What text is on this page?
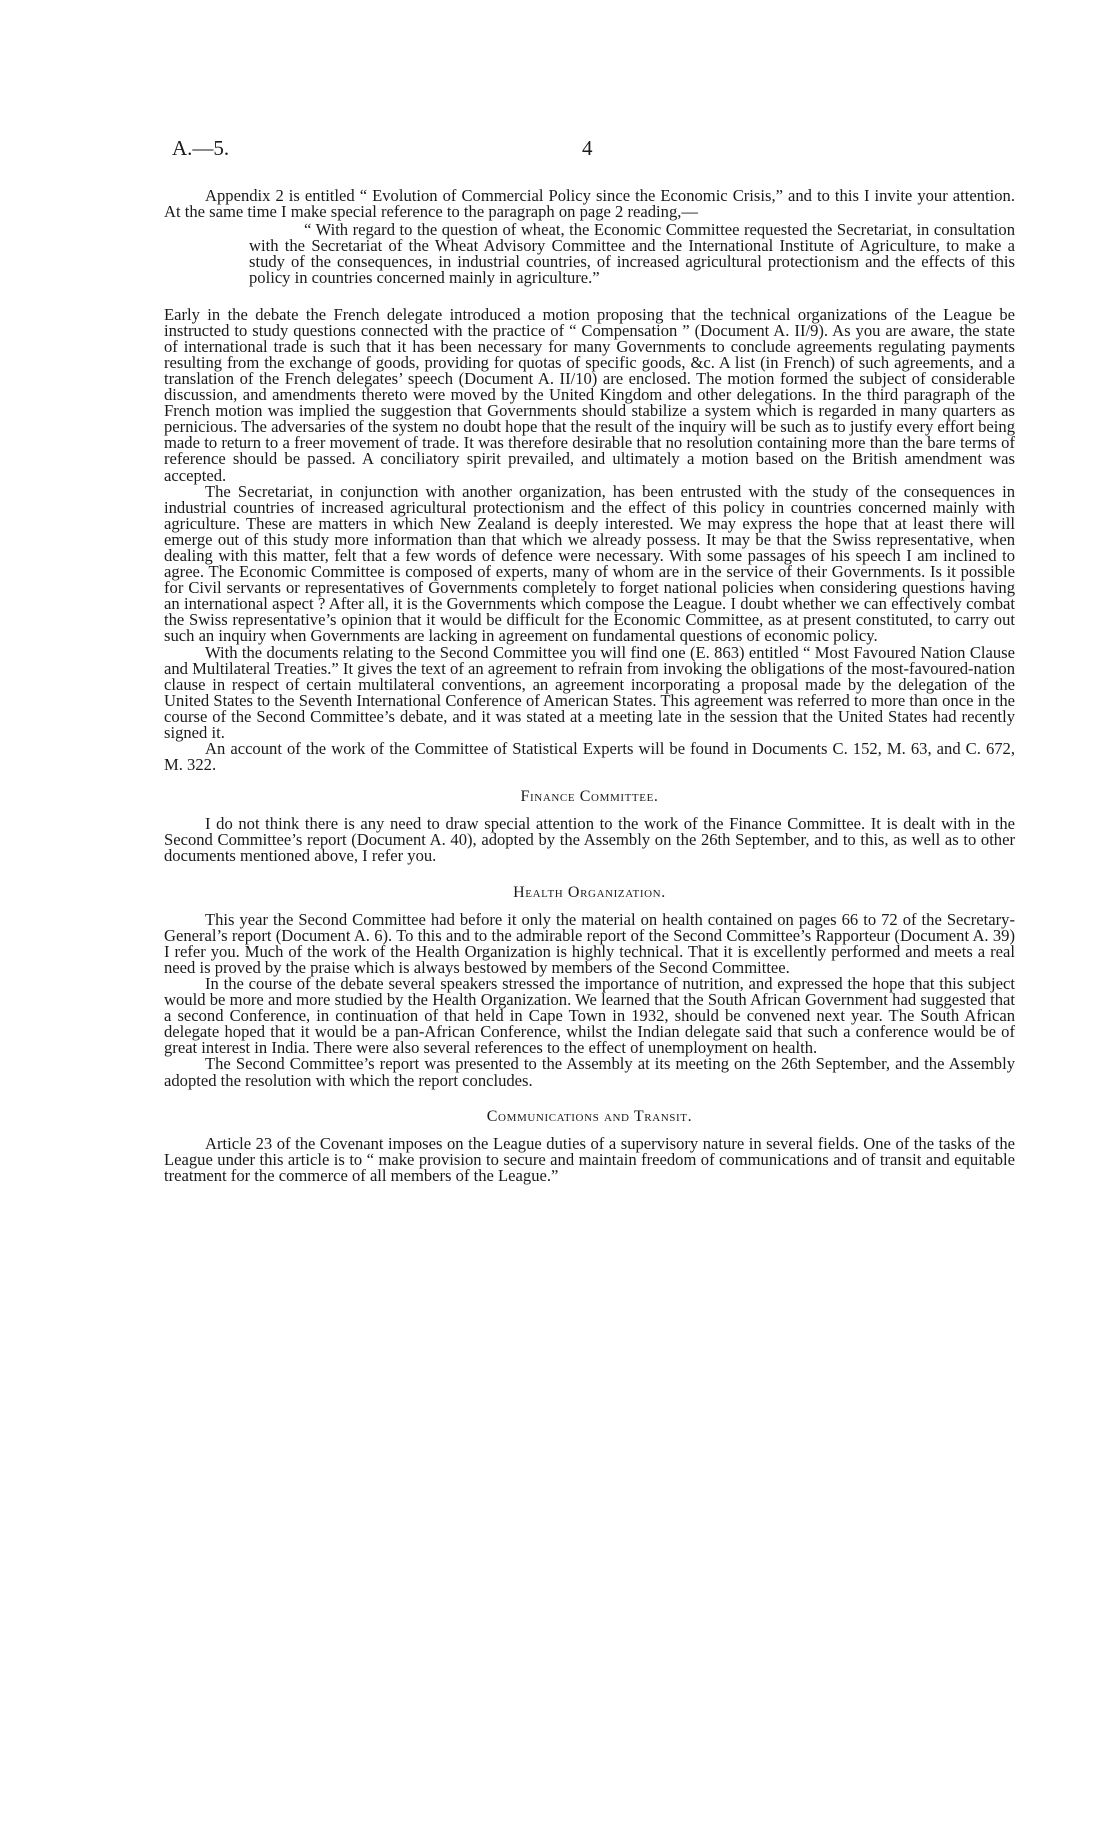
A.—5.	4

Appendix 2 is entitled “ Evolution of Commercial Policy since the Economic Crisis,” and to this I invite your attention. At the same time I make special reference to the paragraph on page 2 reading,—

“ With regard to the question of wheat, the Economic Committee requested the Secretariat, in consultation with the Secretariat of the Wheat Advisory Committee and the International Institute of Agriculture, to make a study of the consequences, in industrial countries, of increased agricultural protectionism and the effects of this policy in countries concerned mainly in agriculture.”

Early in the debate the French delegate introduced a motion proposing that the technical organizations of the League be instructed to study questions connected with the practice of “ Compensation ” (Document A. II/9). As you are aware, the state of international trade is such that it has been necessary for many Governments to conclude agreements regulating payments resulting from the exchange of goods, providing for quotas of specific goods, &c. A list (in French) of such agreements, and a translation of the French delegates’ speech (Document A. II/10) are enclosed. The motion formed the subject of considerable discussion, and amendments thereto were moved by the United Kingdom and other delegations. In the third paragraph of the French motion was implied the suggestion that Governments should stabilize a system which is regarded in many quarters as pernicious. The adversaries of the system no doubt hope that the result of the inquiry will be such as to justify every effort being made to return to a freer movement of trade. It was therefore desirable that no resolution containing more than the bare terms of reference should be passed. A conciliatory spirit prevailed, and ultimately a motion based on the British amendment was accepted.

The Secretariat, in conjunction with another organization, has been entrusted with the study of the consequences in industrial countries of increased agricultural protectionism and the effect of this policy in countries concerned mainly with agriculture. These are matters in which New Zealand is deeply interested. We may express the hope that at least there will emerge out of this study more information than that which we already possess. It may be that the Swiss representative, when dealing with this matter, felt that a few words of defence were necessary. With some passages of his speech I am inclined to agree. The Economic Committee is composed of experts, many of whom are in the service of their Governments. Is it possible for Civil servants or representatives of Governments completely to forget national policies when considering questions having an international aspect ? After all, it is the Governments which compose the League. I doubt whether we can effectively combat the Swiss representative’s opinion that it would be difficult for the Economic Committee, as at present constituted, to carry out such an inquiry when Governments are lacking in agreement on fundamental questions of economic policy.

With the documents relating to the Second Committee you will find one (E. 863) entitled “ Most Favoured Nation Clause and Multilateral Treaties.” It gives the text of an agreement to refrain from invoking the obligations of the most-favoured-nation clause in respect of certain multilateral conventions, an agreement incorporating a proposal made by the delegation of the United States to the Seventh International Conference of American States. This agreement was referred to more than once in the course of the Second Committee’s debate, and it was stated at a meeting late in the session that the United States had recently signed it.

An account of the work of the Committee of Statistical Experts will be found in Documents C. 152, M. 63, and C. 672, M. 322.

Finance Committee.

I do not think there is any need to draw special attention to the work of the Finance Committee. It is dealt with in the Second Committee’s report (Document A. 40), adopted by the Assembly on the 26th September, and to this, as well as to other documents mentioned above, I refer you.

Health Organization.

This year the Second Committee had before it only the material on health contained on pages 66 to 72 of the Secretary-General’s report (Document A. 6). To this and to the admirable report of the Second Committee’s Rapporteur (Document A. 39) I refer you. Much of the work of the Health Organization is highly technical. That it is excellently performed and meets a real need is proved by the praise which is always bestowed by members of the Second Committee.

In the course of the debate several speakers stressed the importance of nutrition, and expressed the hope that this subject would be more and more studied by the Health Organization. We learned that the South African Government had suggested that a second Conference, in continuation of that held in Cape Town in 1932, should be convened next year. The South African delegate hoped that it would be a pan-African Conference, whilst the Indian delegate said that such a conference would be of great interest in India. There were also several references to the effect of unemployment on health.

The Second Committee’s report was presented to the Assembly at its meeting on the 26th September, and the Assembly adopted the resolution with which the report concludes.

Communications and Transit.

Article 23 of the Covenant imposes on the League duties of a supervisory nature in several fields. One of the tasks of the League under this article is to “ make provision to secure and maintain freedom of communications and of transit and equitable treatment for the commerce of all members of the League.”
